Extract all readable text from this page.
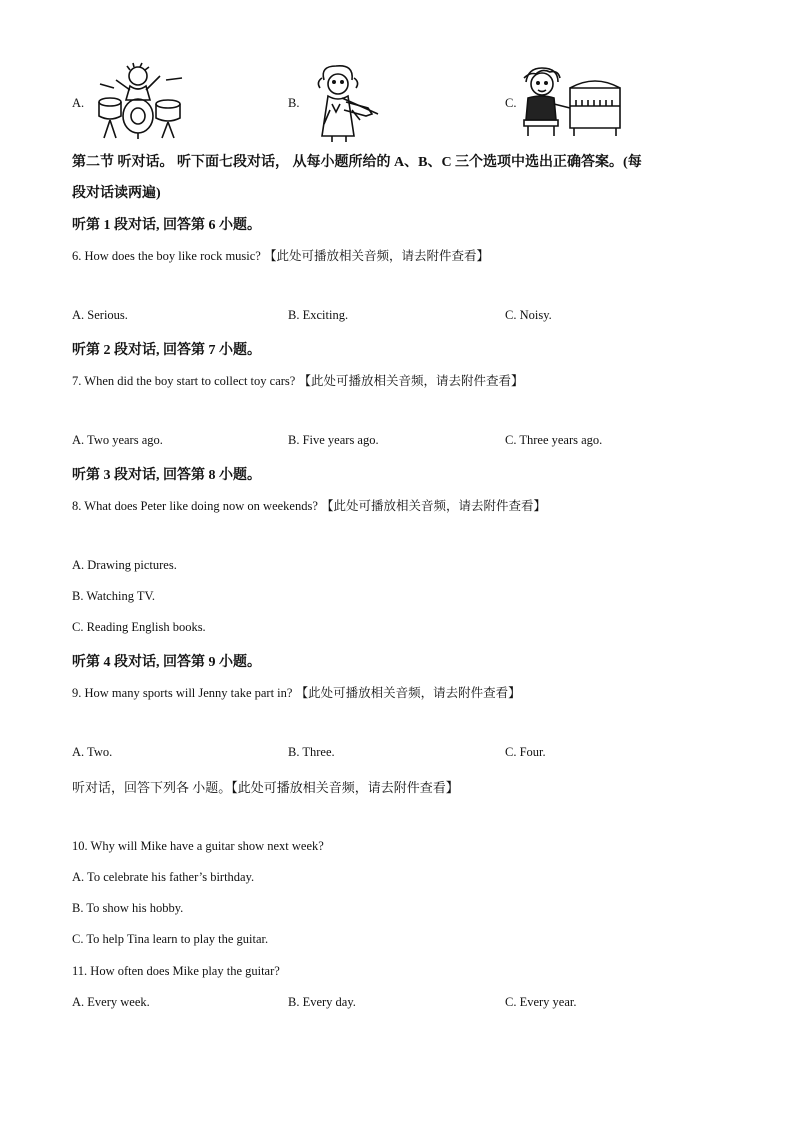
A.	B.	C.
第二节 听对话。 听下面七段对话， 从每小题所给的 A、B、C 三个选项中选出正确答案。(每
段对话读两遍)
听第 1 段对话, 回答第 6 小题。
6. How does the boy like rock music? 【此处可播放相关音频，请去附件查看】
A. Serious.	B. Exciting.	C. Noisy.
听第 2 段对话, 回答第 7 小题。
7. When did the boy start to collect toy cars? 【此处可播放相关音频，请去附件查看】
A. Two years ago.	B. Five years ago.	C. Three years ago.
听第 3 段对话, 回答第 8 小题。
8. What does Peter like doing now on weekends? 【此处可播放相关音频，请去附件查看】
A. Drawing pictures.
B. Watching TV.
C. Reading English books.
听第 4 段对话, 回答第 9 小题。
9. How many sports will Jenny take part in? 【此处可播放相关音频，请去附件查看】
A. Two.	B. Three.	C. Four.
听对话，回答下列各 小题。【此处可播放相关音频，请去附件查看】
10. Why will Mike have a guitar show next week?
A. To celebrate his father’s birthday.
B. To show his hobby.
C. To help Tina learn to play the guitar.
11. How often does Mike play the guitar?
A. Every week.	B. Every day.	C. Every year.
